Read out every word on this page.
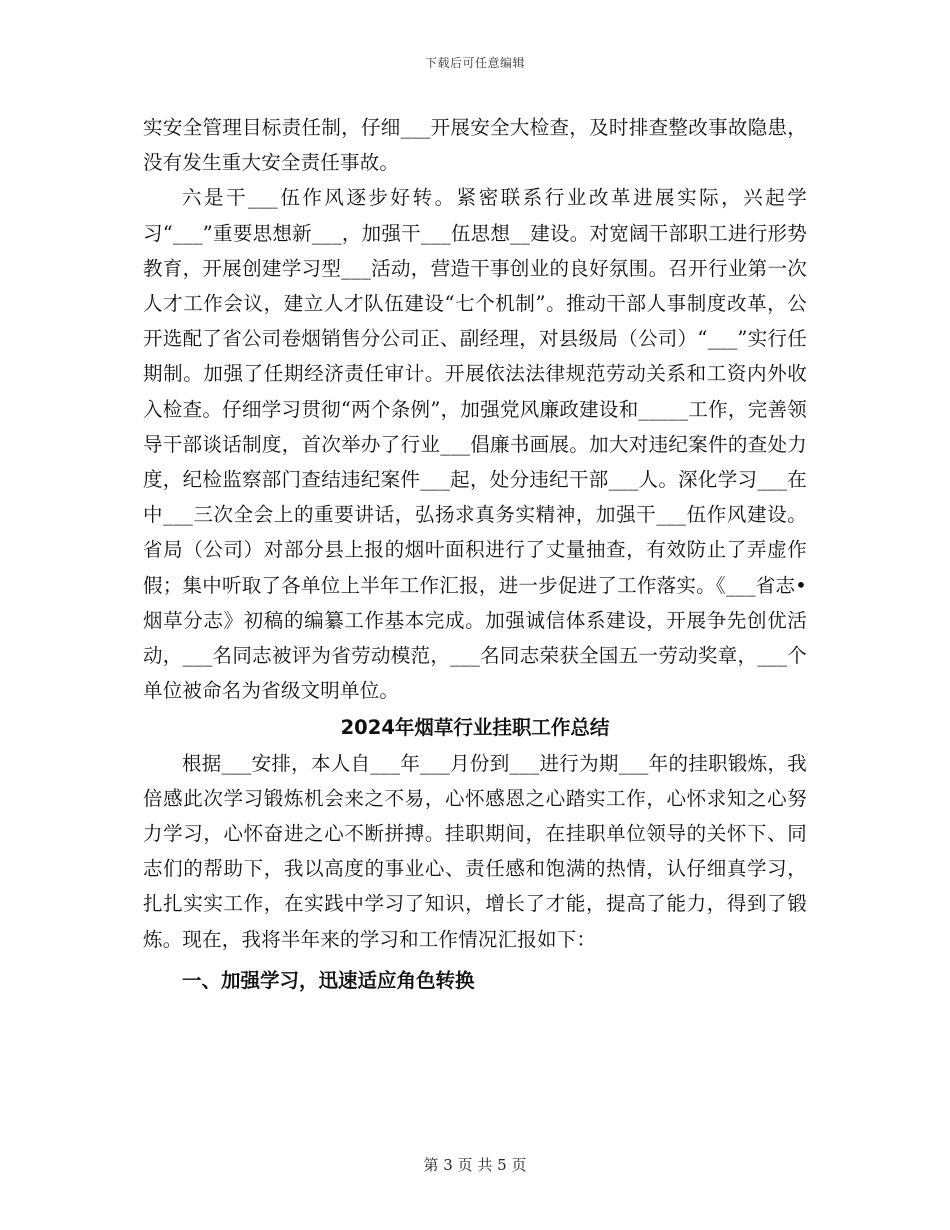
下载后可任意编辑

实安全管理目标责任制，仔细___开展安全大检查，及时排查整改事故隐患，没有发生重大安全责任事故。

六是干___伍作风逐步好转。紧密联系行业改革进展实际，兴起学习“___”重要思想新___，加强干___伍思想__建设。对宽阔干部职工进行形势教育，开展创建学习型___活动，营造干事创业的良好氛围。召开行业第一次人才工作会议，建立人才队伍建设“七个机制”。推动干部人事制度改革，公开选配了省公司卷烟销售分公司正、副经理，对县级局（公司）“___”实行任期制。加强了任期经济责任审计。开展依法法律规范劳动关系和工资内外收入检查。仔细学习贯彻“两个条例”，加强党风廉政建设和_____工作，完善领导干部谈话制度，首次举办了行业___倡廉书画展。加大对违纪案件的查处力度，纪检监察部门查结违纪案件___起，处分违纪干部___人。深化学习___在中___三次全会上的重要讲话，弘扬求真务实精神，加强干___伍作风建设。省局（公司）对部分县上报的烟叶面积进行了丈量抽查，有效防止了弄虚作假；集中听取了各单位上半年工作汇报，进一步促进了工作落实。《___省志•烟草分志》初稿的编纂工作基本完成。加强诚信体系建设，开展争先创优活动，___名同志被评为省劳动模范，___名同志荣获全国五一劳动奖章，___个单位被命名为省级文明单位。

2024年烟草行业挂职工作总结

根据___安排，本人自___年___月份到___进行为期___年的挂职锻炼，我倍感此次学习锻炼机会来之不易，心怀感恩之心踏实工作，心怀求知之心努力学习，心怀奋进之心不断拼搏。挂职期间，在挂职单位领导的关怀下、同志们的帮助下，我以高度的事业心、责任感和饱满的热情，认仔细真学习，扎扎实实工作，在实践中学习了知识，增长了才能，提高了能力，得到了锻炼。现在，我将半年来的学习和工作情况汇报如下：

一、加强学习，迅速适应角色转换
第 3 页 共 5 页
